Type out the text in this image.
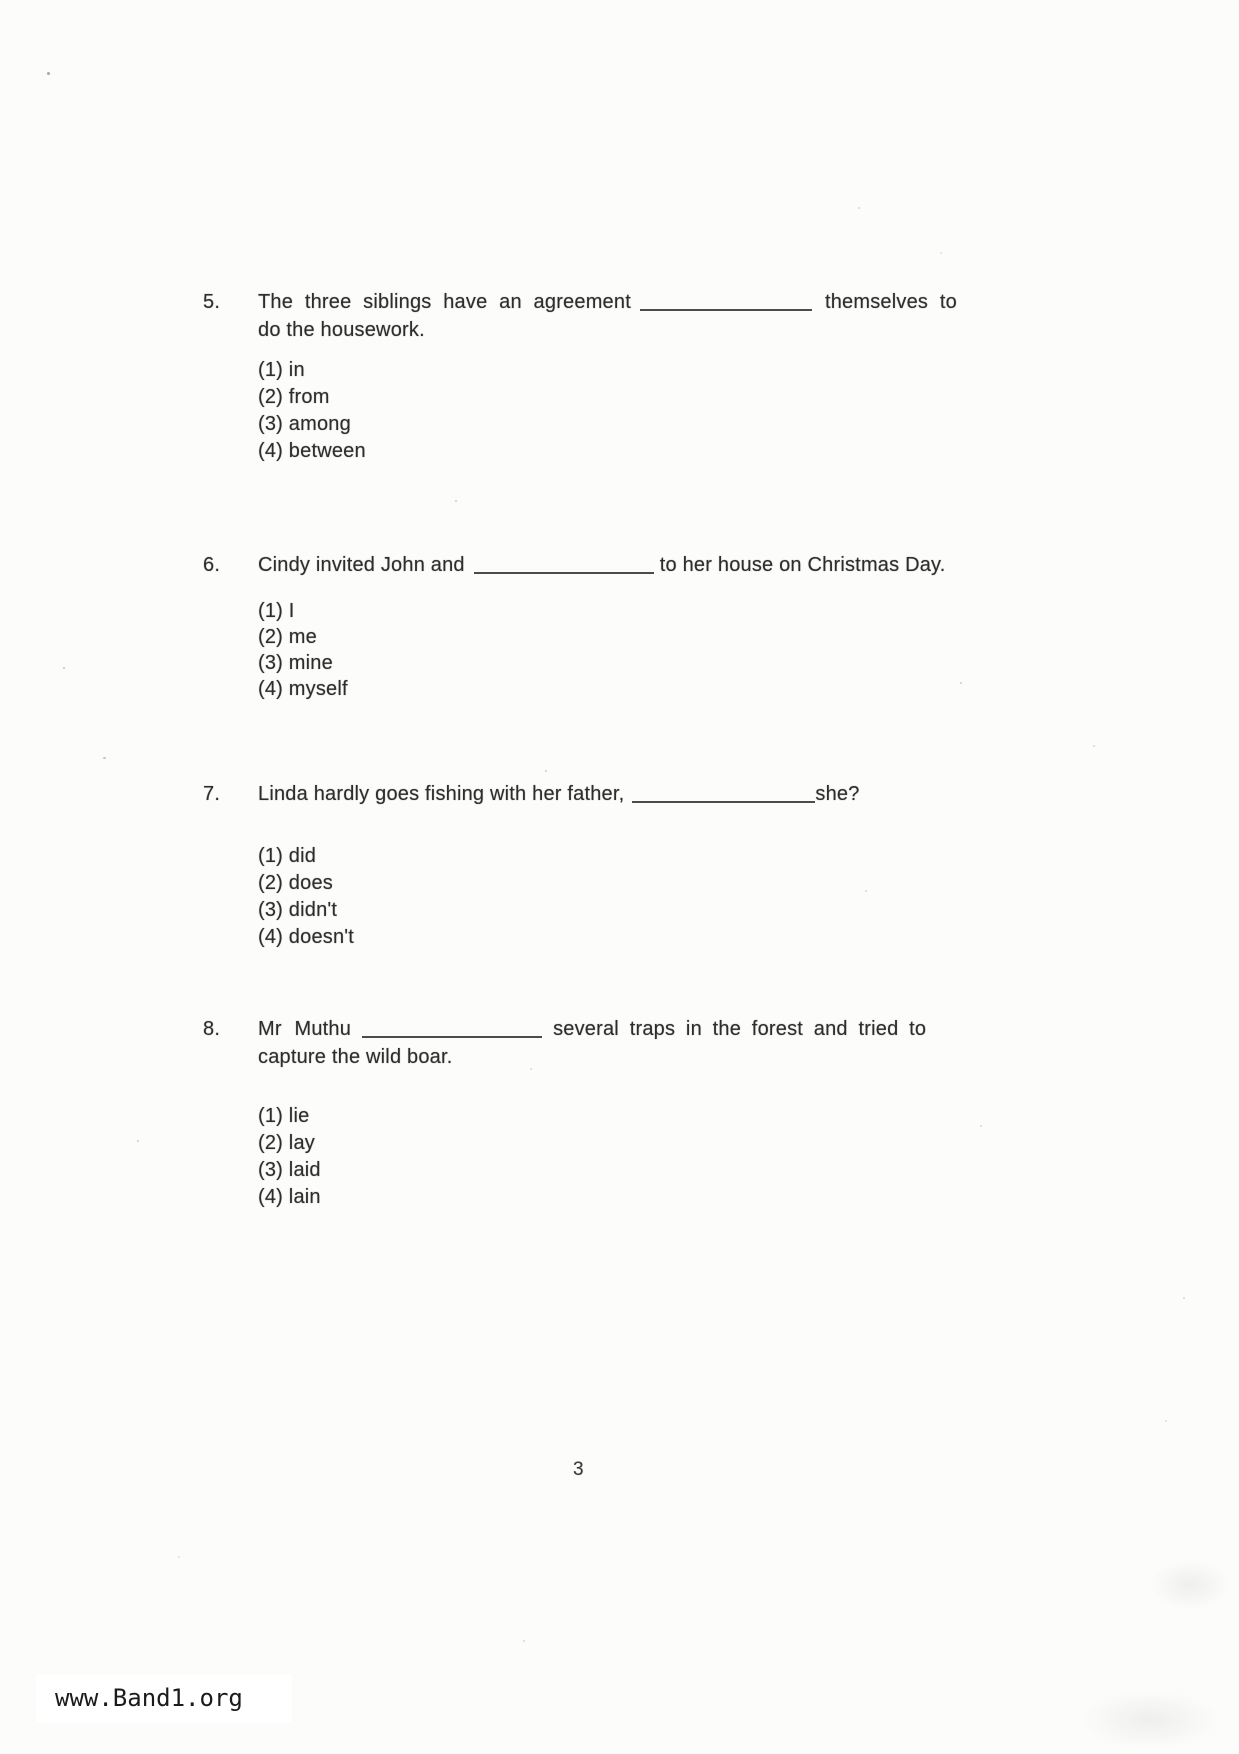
5. The three siblings have an agreement	themselves to
do the housework.
(1) in
(2) from
(3) among
(4) between
6. Cindy invited John and	to her house on Christmas Day.
(1) I
(2) me
(3) mine
(4) myself
7. Linda hardly goes fishing with her father,	she?
(1) did
(2) does
(3) didn't
(4) doesn't
8. Mr Muthu	several traps in the forest and tried to
capture the wild boar.
(1) lie
(2) lay
(3) laid
(4) lain
3
www.Band1.org
